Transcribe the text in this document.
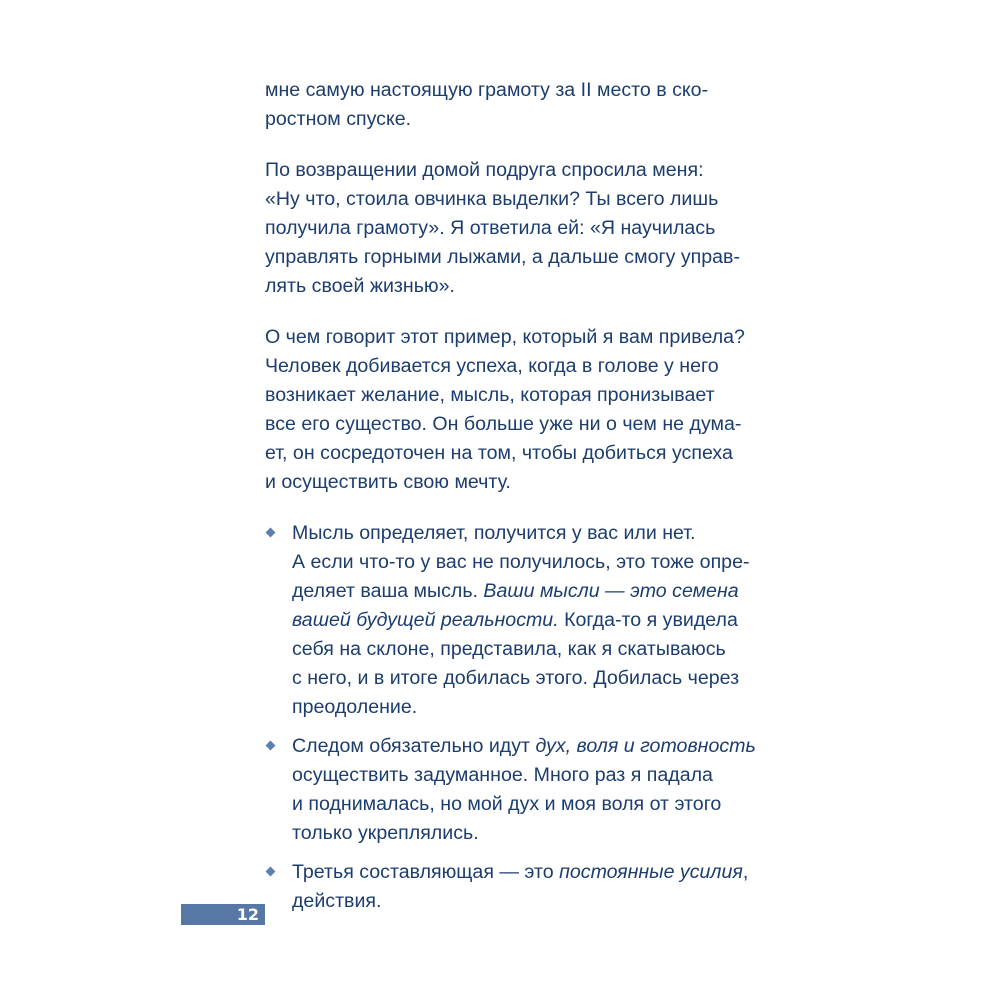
мне самую настоящую грамоту за II место в ско-
ростном спуске.

По возвращении домой подруга спросила меня:
«Ну что, стоила овчинка выделки? Ты всего лишь
получила грамоту». Я ответила ей: «Я научилась
управлять горными лыжами, а дальше смогу управ-
лять своей жизнью».

О чем говорит этот пример, который я вам привела?
Человек добивается успеха, когда в голове у него
возникает желание, мысль, которая пронизывает
все его существо. Он больше уже ни о чем не дума-
ет, он сосредоточен на том, чтобы добиться успеха
и осуществить свою мечту.

Мысль определяет, получится у вас или нет.
А если что-то у вас не получилось, это тоже опре-
деляет ваша мысль. Ваши мысли — это семена
вашей будущей реальности. Когда-то я увидела
себя на склоне, представила, как я скатываюсь
с него, и в итоге добилась этого. Добилась через
преодоление.
Следом обязательно идут дух, воля и готовность
осуществить задуманное. Много раз я падала
и поднималась, но мой дух и моя воля от этого
только укреплялись.
Третья составляющая — это постоянные усилия,
действия.
12
